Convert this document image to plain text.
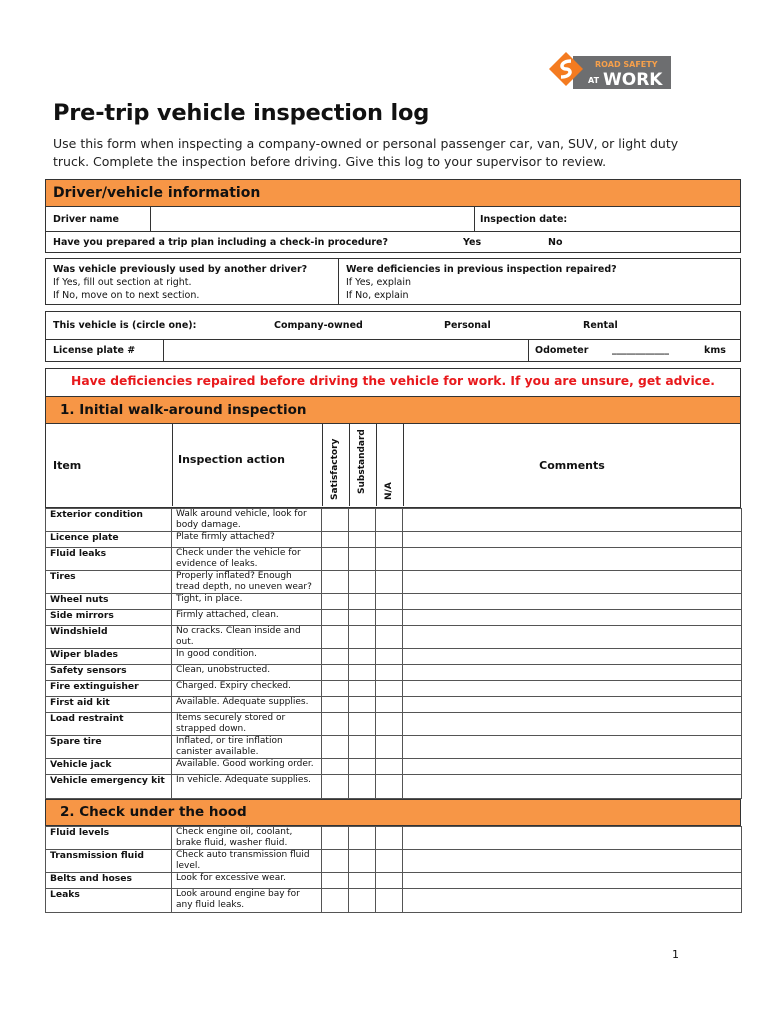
ROAD SAFETY
AT WORK
Pre-trip vehicle inspection log

Use this form when inspecting a company-owned or personal passenger car, van, SUV, or light duty truck. Complete the inspection before driving. Give this log to your supervisor to review.

Driver/vehicle information
Driver name	Inspection date:
Have you prepared a trip plan including a check-in procedure?	Yes	No
Was vehicle previously used by another driver?
If Yes, fill out section at right.
If No, move on to next section.
Were deficiencies in previous inspection repaired?
If Yes, explain
If No, explain
This vehicle is (circle one):	Company-owned	Personal	Rental
License plate #	Odometer ____________	kms
Have deficiencies repaired before driving the vehicle for work. If you are unsure, get advice.
1. Initial walk-around inspection
Item	Inspection action	Satisfactory Substandard N/A
Comments
Exterior condition	Walk around vehicle, look for body damage.				
Licence plate	Plate firmly attached?				
Fluid leaks	Check under the vehicle for evidence of leaks.				
Tires	Properly inflated? Enough tread depth, no uneven wear?				
Wheel nuts	Tight, in place.				
Side mirrors	Firmly attached, clean.				
Windshield	No cracks. Clean inside and out.				
Wiper blades	In good condition.				
Safety sensors	Clean, unobstructed.				
Fire extinguisher	Charged. Expiry checked.				
First aid kit	Available. Adequate supplies.				
Load restraint	Items securely stored or strapped down.				
Spare tire	Inflated, or tire inflation canister available.				
Vehicle jack	Available. Good working order.				
Vehicle emergency kit	In vehicle. Adequate supplies.				
2. Check under the hood
Fluid levels	Check engine oil, coolant, brake fluid, washer fluid.				
Transmission fluid	Check auto transmission fluid level.				
Belts and hoses	Look for excessive wear.				
Leaks	Look around engine bay for any fluid leaks.				
1
